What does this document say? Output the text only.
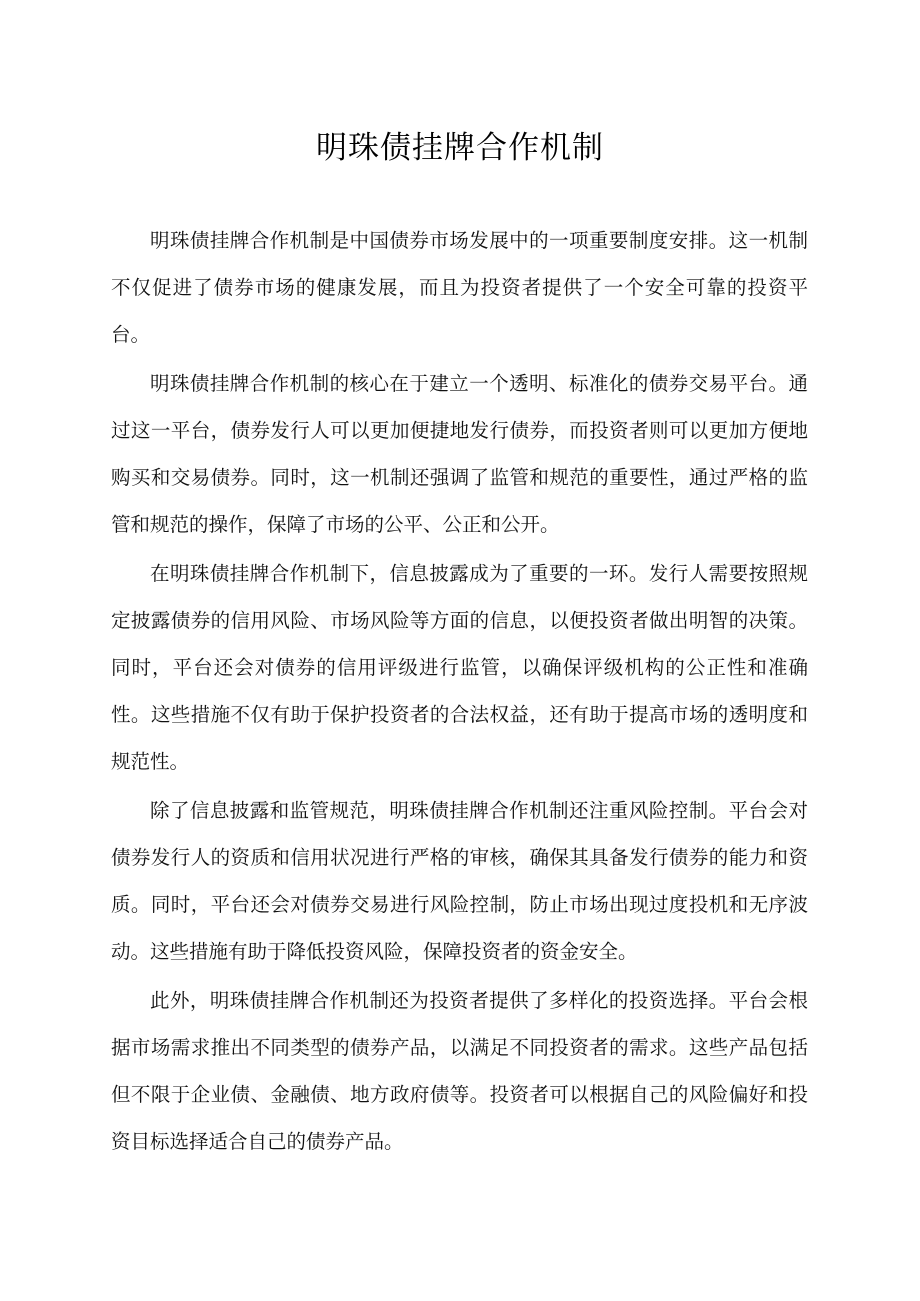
明珠债挂牌合作机制

明珠债挂牌合作机制是中国债券市场发展中的一项重要制度安排。这一机制不仅促进了债券市场的健康发展，而且为投资者提供了一个安全可靠的投资平台。

明珠债挂牌合作机制的核心在于建立一个透明、标准化的债券交易平台。通过这一平台，债券发行人可以更加便捷地发行债券，而投资者则可以更加方便地购买和交易债券。同时，这一机制还强调了监管和规范的重要性，通过严格的监管和规范的操作，保障了市场的公平、公正和公开。

在明珠债挂牌合作机制下，信息披露成为了重要的一环。发行人需要按照规定披露债券的信用风险、市场风险等方面的信息，以便投资者做出明智的决策。同时，平台还会对债券的信用评级进行监管，以确保评级机构的公正性和准确性。这些措施不仅有助于保护投资者的合法权益，还有助于提高市场的透明度和规范性。

除了信息披露和监管规范，明珠债挂牌合作机制还注重风险控制。平台会对债券发行人的资质和信用状况进行严格的审核，确保其具备发行债券的能力和资质。同时，平台还会对债券交易进行风险控制，防止市场出现过度投机和无序波动。这些措施有助于降低投资风险，保障投资者的资金安全。

此外，明珠债挂牌合作机制还为投资者提供了多样化的投资选择。平台会根据市场需求推出不同类型的债券产品，以满足不同投资者的需求。这些产品包括但不限于企业债、金融债、地方政府债等。投资者可以根据自己的风险偏好和投资目标选择适合自己的债券产品。
